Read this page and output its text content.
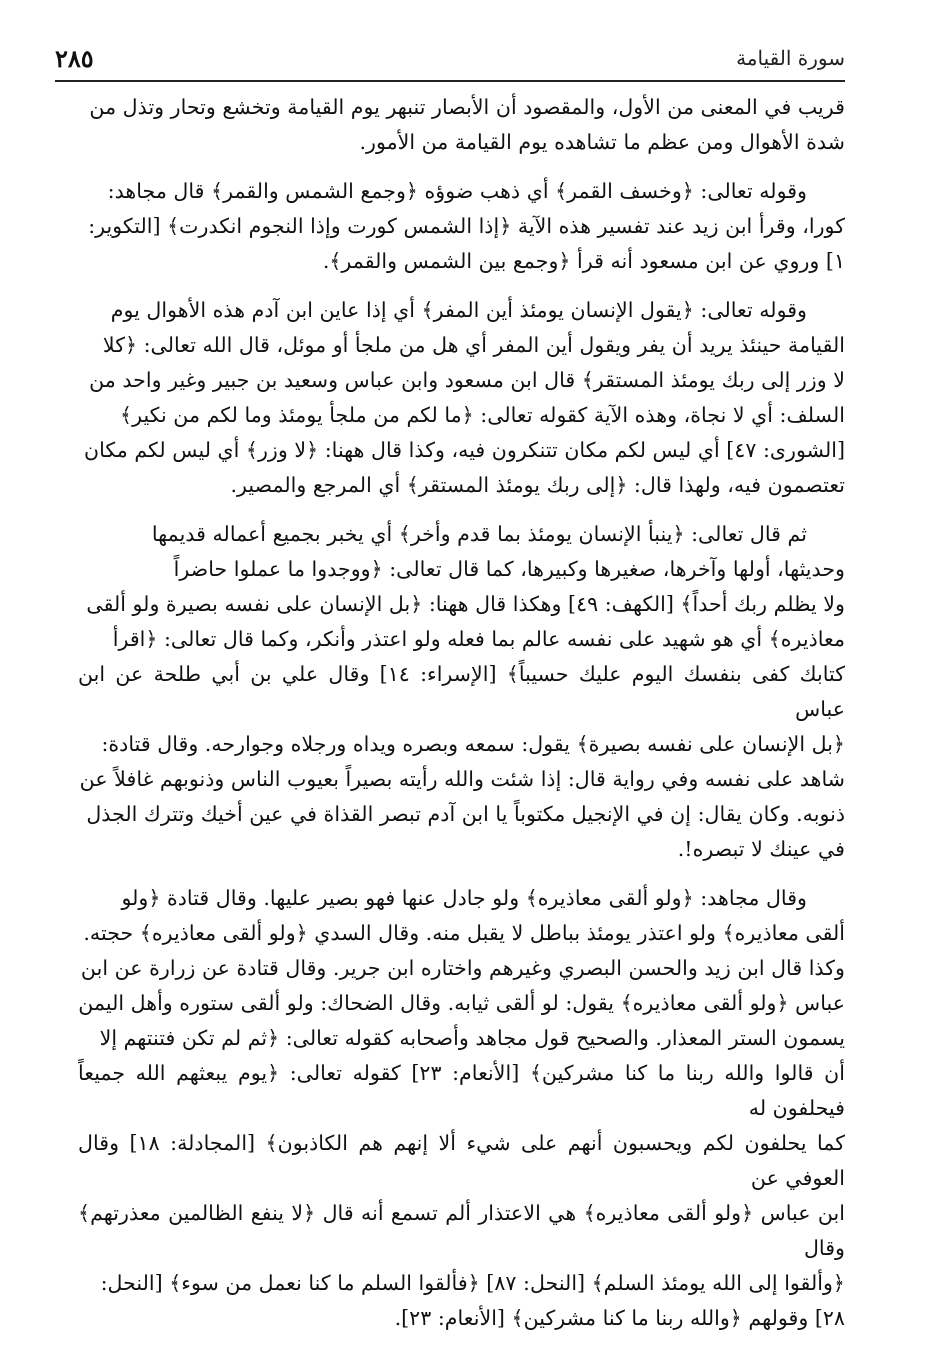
سورة القيامة
٢٨٥

قريب في المعنى من الأول، والمقصود أن الأبصار تنبهر يوم القيامة وتخشع وتحار وتذل من
شدة الأهوال ومن عظم ما تشاهده يوم القيامة من الأمور.

وقوله تعالى: ﴿وخسف القمر﴾ أي ذهب ضوؤه ﴿وجمع الشمس والقمر﴾ قال مجاهد:
كورا، وقرأ ابن زيد عند تفسير هذه الآية ﴿إذا الشمس كورت وإذا النجوم انكدرت﴾ [التكوير:
١] وروي عن ابن مسعود أنه قرأ ﴿وجمع بين الشمس والقمر﴾.

وقوله تعالى: ﴿يقول الإنسان يومئذ أين المفر﴾ أي إذا عاين ابن آدم هذه الأهوال يوم
القيامة حينئذ يريد أن يفر ويقول أين المفر أي هل من ملجأ أو موئل، قال الله تعالى: ﴿كلا
لا وزر إلى ربك يومئذ المستقر﴾ قال ابن مسعود وابن عباس وسعيد بن جبير وغير واحد من
السلف: أي لا نجاة، وهذه الآية كقوله تعالى: ﴿ما لكم من ملجأ يومئذ وما لكم من نكير﴾
[الشورى: ٤٧] أي ليس لكم مكان تتنكرون فيه، وكذا قال ههنا: ﴿لا وزر﴾ أي ليس لكم مكان
تعتصمون فيه، ولهذا قال: ﴿إلى ربك يومئذ المستقر﴾ أي المرجع والمصير.

ثم قال تعالى: ﴿ينبأ الإنسان يومئذ بما قدم وأخر﴾ أي يخبر بجميع أعماله قديمها
وحديثها، أولها وآخرها، صغيرها وكبيرها، كما قال تعالى: ﴿ووجدوا ما عملوا حاضراً
ولا يظلم ربك أحداً﴾ [الكهف: ٤٩] وهكذا قال ههنا: ﴿بل الإنسان على نفسه بصيرة ولو ألقى
معاذيره﴾ أي هو شهيد على نفسه عالم بما فعله ولو اعتذر وأنكر، وكما قال تعالى: ﴿اقرأ
كتابك كفى بنفسك اليوم عليك حسيباً﴾ [الإسراء: ١٤] وقال علي بن أبي طلحة عن ابن عباس
﴿بل الإنسان على نفسه بصيرة﴾ يقول: سمعه وبصره ويداه ورجلاه وجوارحه. وقال قتادة:
شاهد على نفسه وفي رواية قال: إذا شئت والله رأيته بصيراً بعيوب الناس وذنوبهم غافلاً عن
ذنوبه. وكان يقال: إن في الإنجيل مكتوباً يا ابن آدم تبصر القذاة في عين أخيك وتترك الجذل
في عينك لا تبصره!.

وقال مجاهد: ﴿ولو ألقى معاذيره﴾ ولو جادل عنها فهو بصير عليها. وقال قتادة ﴿ولو
ألقى معاذيره﴾ ولو اعتذر يومئذ بباطل لا يقبل منه. وقال السدي ﴿ولو ألقى معاذيره﴾ حجته.
وكذا قال ابن زيد والحسن البصري وغيرهم واختاره ابن جرير. وقال قتادة عن زرارة عن ابن
عباس ﴿ولو ألقى معاذيره﴾ يقول: لو ألقى ثيابه. وقال الضحاك: ولو ألقى ستوره وأهل اليمن
يسمون الستر المعذار. والصحيح قول مجاهد وأصحابه كقوله تعالى: ﴿ثم لم تكن فتنتهم إلا
أن قالوا والله ربنا ما كنا مشركين﴾ [الأنعام: ٢٣] كقوله تعالى: ﴿يوم يبعثهم الله جميعاً فيحلفون له
كما يحلفون لكم ويحسبون أنهم على شيء ألا إنهم هم الكاذبون﴾ [المجادلة: ١٨] وقال العوفي عن
ابن عباس ﴿ولو ألقى معاذيره﴾ هي الاعتذار ألم تسمع أنه قال ﴿لا ينفع الظالمين معذرتهم﴾ وقال
﴿وألقوا إلى الله يومئذ السلم﴾ [النحل: ٨٧] ﴿فألقوا السلم ما كنا نعمل من سوء﴾ [النحل:
٢٨] وقولهم ﴿والله ربنا ما كنا مشركين﴾ [الأنعام: ٢٣].
